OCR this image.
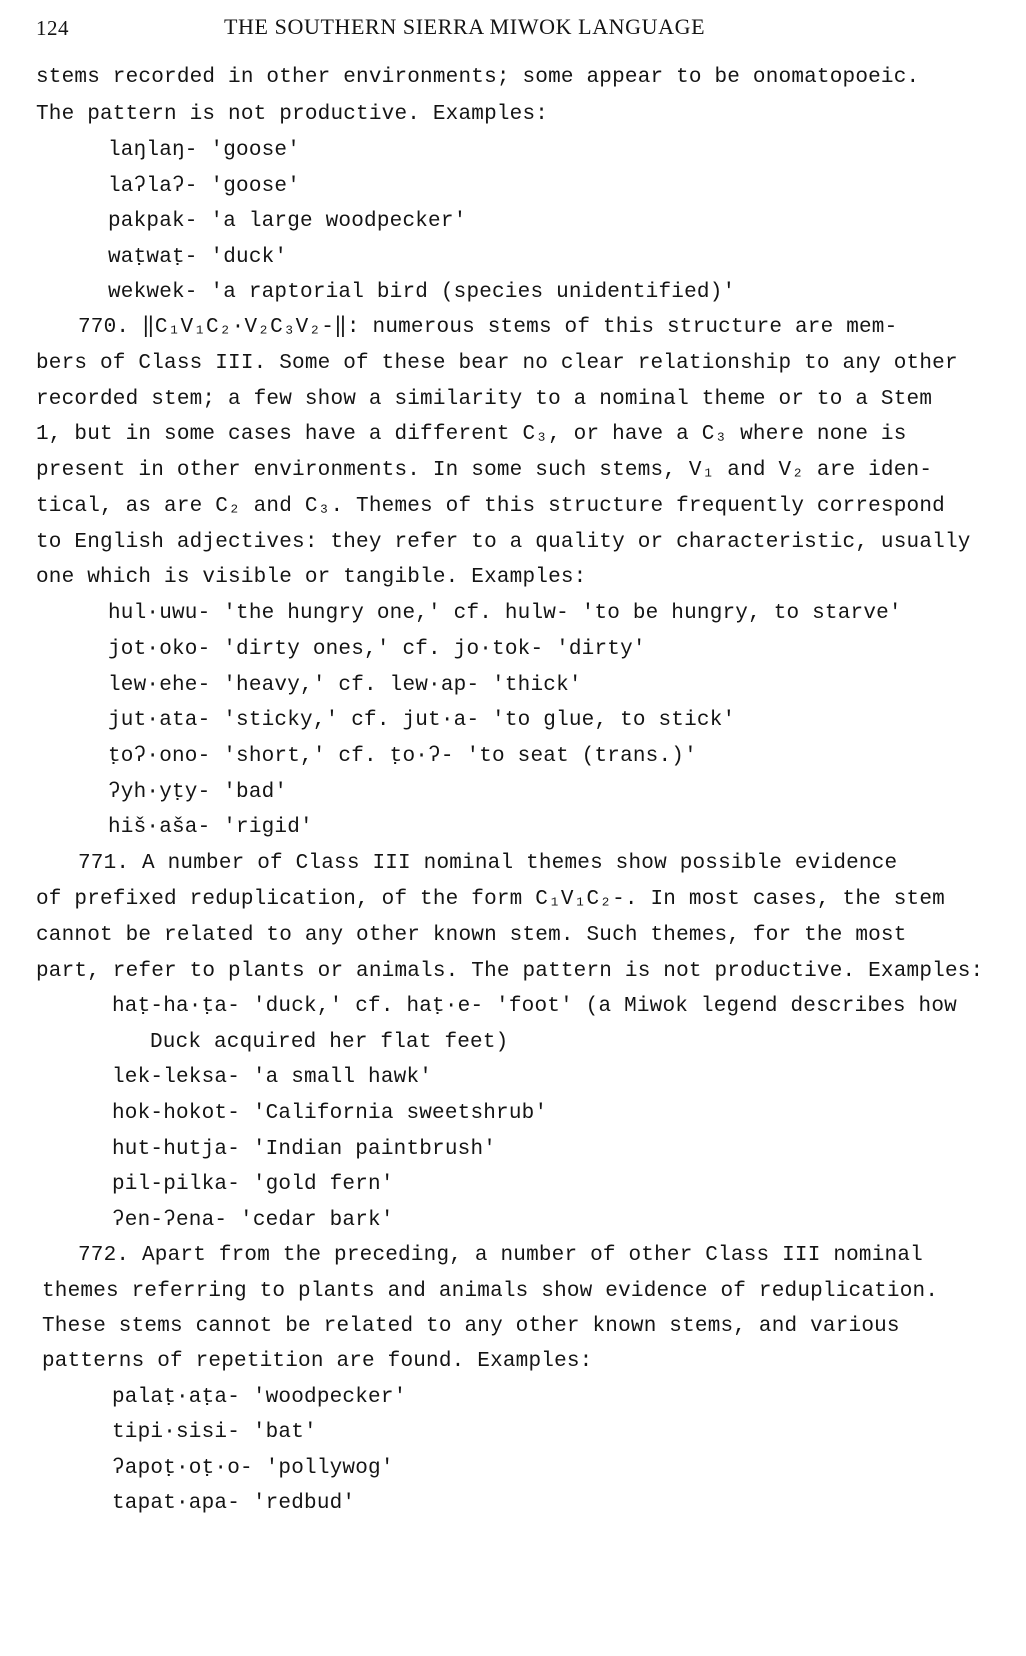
124	THE SOUTHERN SIERRA MIWOK LANGUAGE
stems recorded in other environments; some appear to be onomatopoeic.
The pattern is not productive. Examples:
laŋlaŋ- 'goose'
laʔlaʔ- 'goose'
pakpak- 'a large woodpecker'
waṭwaṭ- 'duck'
wekwek- 'a raptorial bird (species unidentified)'
770. ‖C₁V₁C₂·V₂C₃V₂-‖: numerous stems of this structure are mem-
bers of Class III. Some of these bear no clear relationship to any other
recorded stem; a few show a similarity to a nominal theme or to a Stem
1, but in some cases have a different C₃, or have a C₃ where none is
present in other environments. In some such stems, V₁ and V₂ are iden-
tical, as are C₂ and C₃. Themes of this structure frequently correspond
to English adjectives: they refer to a quality or characteristic, usually
one which is visible or tangible. Examples:
hul·uwu- 'the hungry one,' cf. hulw- 'to be hungry, to starve'
jot·oko- 'dirty ones,' cf. jo·tok- 'dirty'
lew·ehe- 'heavy,' cf. lew·ap- 'thick'
jut·ata- 'sticky,' cf. jut·a- 'to glue, to stick'
ṭoʔ·ono- 'short,' cf. ṭo·ʔ- 'to seat (trans.)'
ʔyh·yṭy- 'bad'
hiš·aša- 'rigid'
771. A number of Class III nominal themes show possible evidence
of prefixed reduplication, of the form C₁V₁C₂-. In most cases, the stem
cannot be related to any other known stem. Such themes, for the most
part, refer to plants or animals. The pattern is not productive. Examples:
haṭ-ha·ṭa- 'duck,' cf. haṭ·e- 'foot' (a Miwok legend describes how
Duck acquired her flat feet)
lek-leksa- 'a small hawk'
hok-hokot- 'California sweetshrub'
hut-hutja- 'Indian paintbrush'
pil-pilka- 'gold fern'
ʔen-ʔena- 'cedar bark'
772. Apart from the preceding, a number of other Class III nominal
themes referring to plants and animals show evidence of reduplication.
These stems cannot be related to any other known stems, and various
patterns of repetition are found. Examples:
palaṭ·aṭa- 'woodpecker'
tipi·sisi- 'bat'
ʔapoṭ·oṭ·o- 'pollywog'
tapat·apa- 'redbud'
